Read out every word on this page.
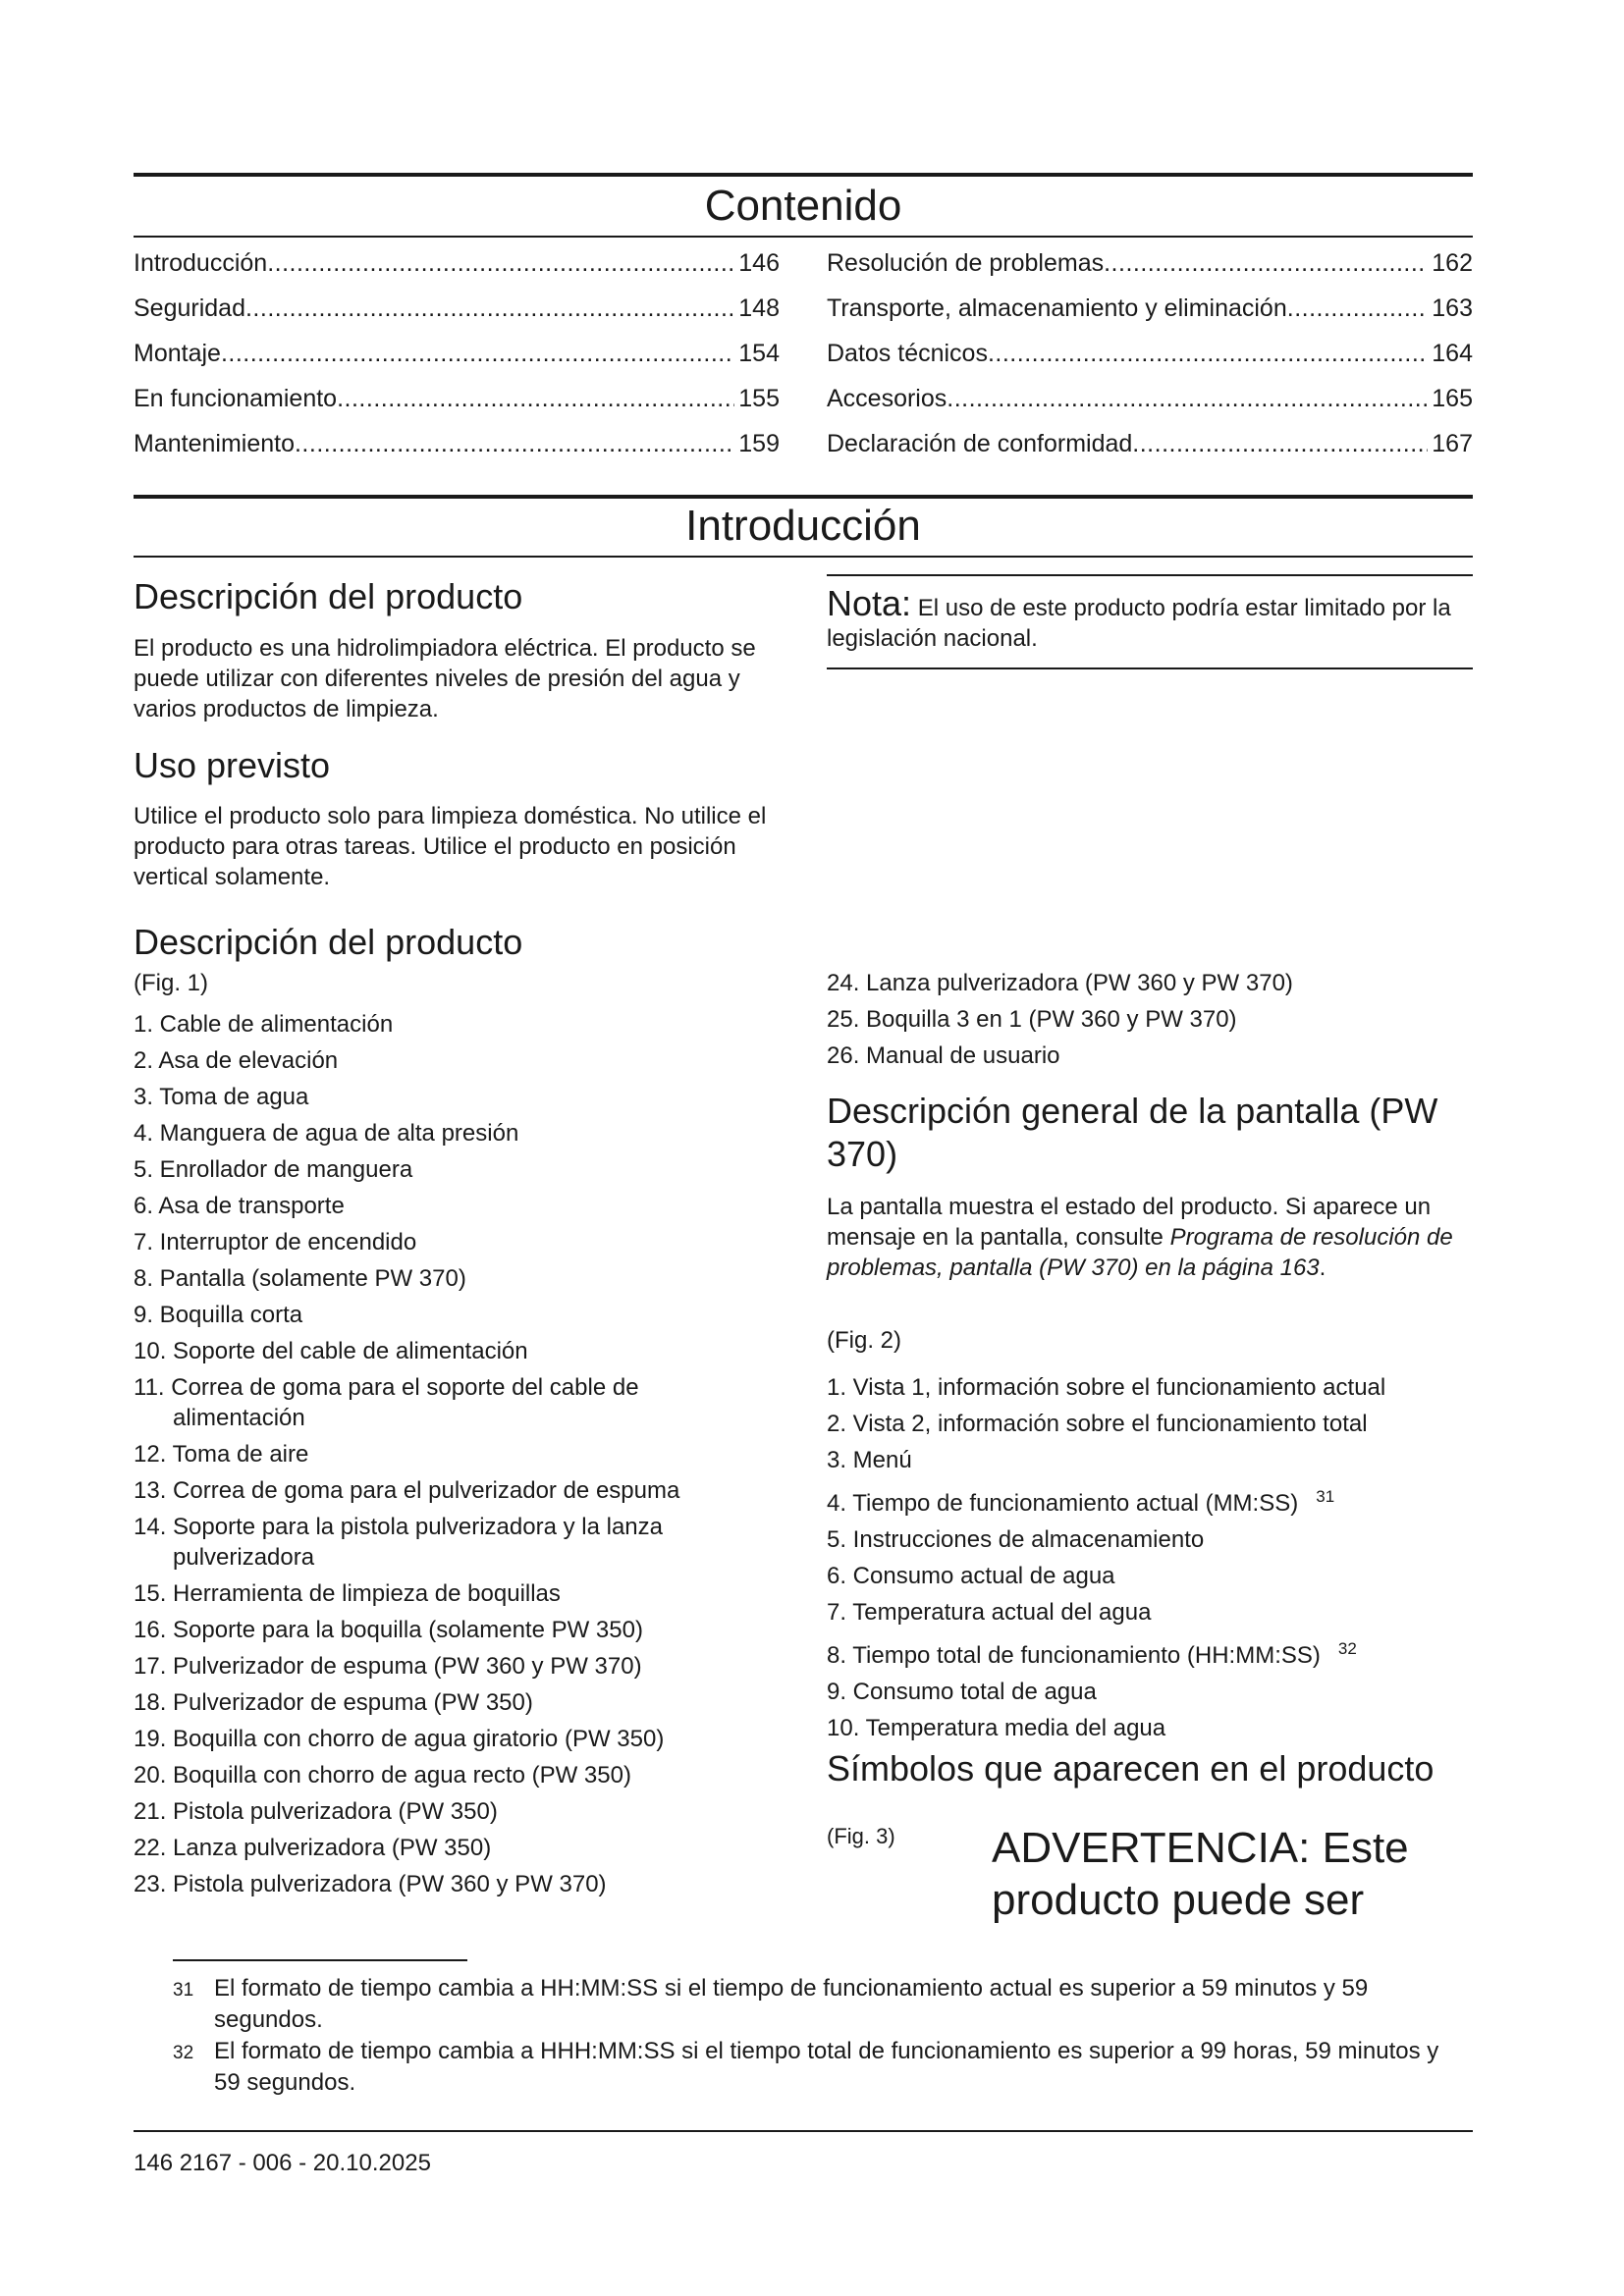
Contenido
Introducción .....	146
Seguridad .....	148
Montaje .....	154
En funcionamiento .....	155
Mantenimiento .....	159
Resolución de problemas .....	162
Transporte, almacenamiento y eliminación .....	163
Datos técnicos .....	164
Accesorios .....	165
Declaración de conformidad .....	167
Introducción
Descripción del producto

El producto es una hidrolimpiadora eléctrica. El producto se puede utilizar con diferentes niveles de presión del agua y varios productos de limpieza.

Uso previsto

Utilice el producto solo para limpieza doméstica. No utilice el producto para otras tareas. Utilice el producto en posición vertical solamente.

Nota: El uso de este producto podría estar limitado por la legislación nacional.
Descripción del producto
(Fig. 1)
1. Cable de alimentación
2. Asa de elevación
3. Toma de agua
4. Manguera de agua de alta presión
5. Enrollador de manguera
6. Asa de transporte
7. Interruptor de encendido
8. Pantalla (solamente PW 370)
9. Boquilla corta
10. Soporte del cable de alimentación
11. Correa de goma para el soporte del cable de alimentación
12. Toma de aire
13. Correa de goma para el pulverizador de espuma
14. Soporte para la pistola pulverizadora y la lanza pulverizadora
15. Herramienta de limpieza de boquillas
16. Soporte para la boquilla (solamente PW 350)
17. Pulverizador de espuma (PW 360 y PW 370)
18. Pulverizador de espuma (PW 350)
19. Boquilla con chorro de agua giratorio (PW 350)
20. Boquilla con chorro de agua recto (PW 350)
21. Pistola pulverizadora (PW 350)
22. Lanza pulverizadora (PW 350)
23. Pistola pulverizadora (PW 360 y PW 370)
24. Lanza pulverizadora (PW 360 y PW 370)
25. Boquilla 3 en 1 (PW 360 y PW 370)
26. Manual de usuario
Descripción general de la pantalla (PW 370)

La pantalla muestra el estado del producto. Si aparece un mensaje en la pantalla, consulte Programa de resolución de problemas, pantalla (PW 370) en la página 163.

(Fig. 2)
1. Vista 1, información sobre el funcionamiento actual
2. Vista 2, información sobre el funcionamiento total
3. Menú
4. Tiempo de funcionamiento actual (MM:SS) $^{31}$
5. Instrucciones de almacenamiento
6. Consumo actual de agua
7. Temperatura actual del agua
8. Tiempo total de funcionamiento (HH:MM:SS) $^{32}$
9. Consumo total de agua
10. Temperatura media del agua
Símbolos que aparecen en el producto
(Fig. 3) ADVERTENCIA: Este producto puede ser
31 El formato de tiempo cambia a HH:MM:SS si el tiempo de funcionamiento actual es superior a 59 minutos y 59 segundos.
32 El formato de tiempo cambia a HHH:MM:SS si el tiempo total de funcionamiento es superior a 99 horas, 59 minutos y 59 segundos.
146 2167 - 006 - 20.10.2025
